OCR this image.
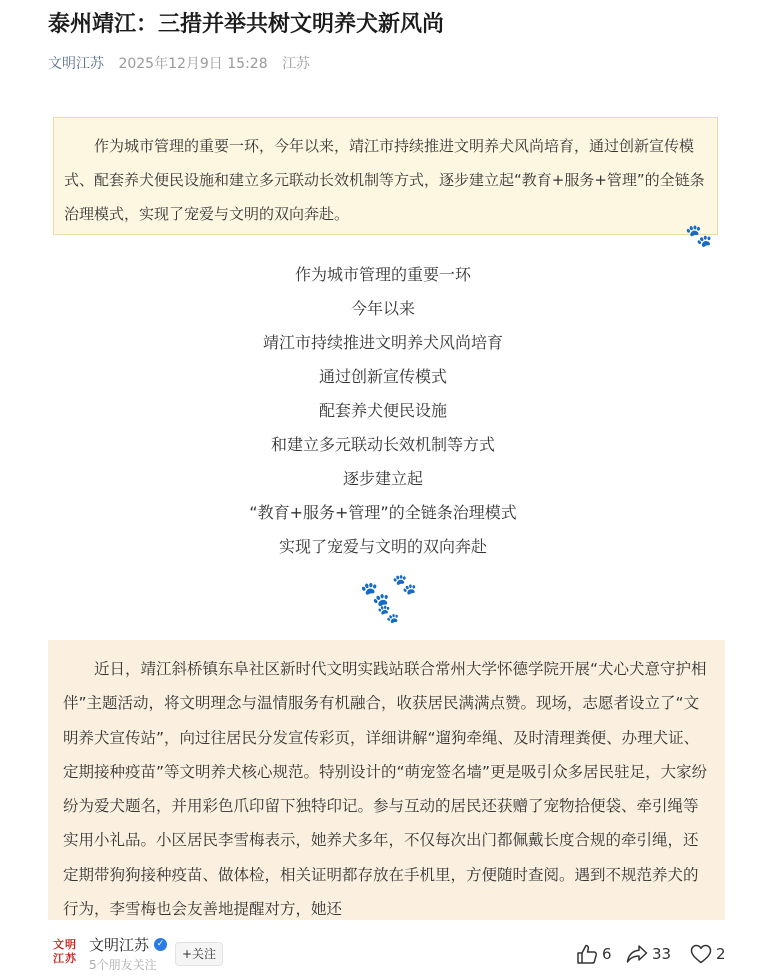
泰州靖江：三措并举共树文明养犬新风尚
文明江苏 2025年12月9日 15:28 江苏

作为城市管理的重要一环，今年以来，靖江市持续推进文明养犬风尚培育，通过创新宣传模式、配套养犬便民设施和建立多元联动长效机制等方式，逐步建立起“教育+服务+管理”的全链条治理模式，实现了宠爱与文明的双向奔赴。

🐾
作为城市管理的重要一环
今年以来
靖江市持续推进文明养犬风尚培育
通过创新宣传模式
配套养犬便民设施
和建立多元联动长效机制等方式
逐步建立起
“教育+服务+管理”的全链条治理模式
实现了宠爱与文明的双向奔赴
🐾 🐾
🐾

近日，靖江斜桥镇东阜社区新时代文明实践站联合常州大学怀德学院开展“犬心犬意守护相伴”主题活动，将文明理念与温情服务有机融合，收获居民满满点赞。现场，志愿者设立了“文明养犬宣传站”，向过往居民分发宣传彩页，详细讲解“遛狗牵绳、及时清理粪便、办理犬证、定期接种疫苗”等文明养犬核心规范。特别设计的“萌宠签名墙”更是吸引众多居民驻足，大家纷纷为爱犬题名，并用彩色爪印留下独特印记。参与互动的居民还获赠了宠物拾便袋、牵引绳等实用小礼品。小区居民李雪梅表示，她养犬多年，不仅每次出门都佩戴长度合规的牵引绳，还定期带狗狗接种疫苗、做体检，相关证明都存放在手机里，方便随时查阅。遇到不规范养犬的行为，李雪梅也会友善地提醒对方，她还

文明
江苏
文明江苏 ✓
5个朋友关注
+关注	6	33	2
